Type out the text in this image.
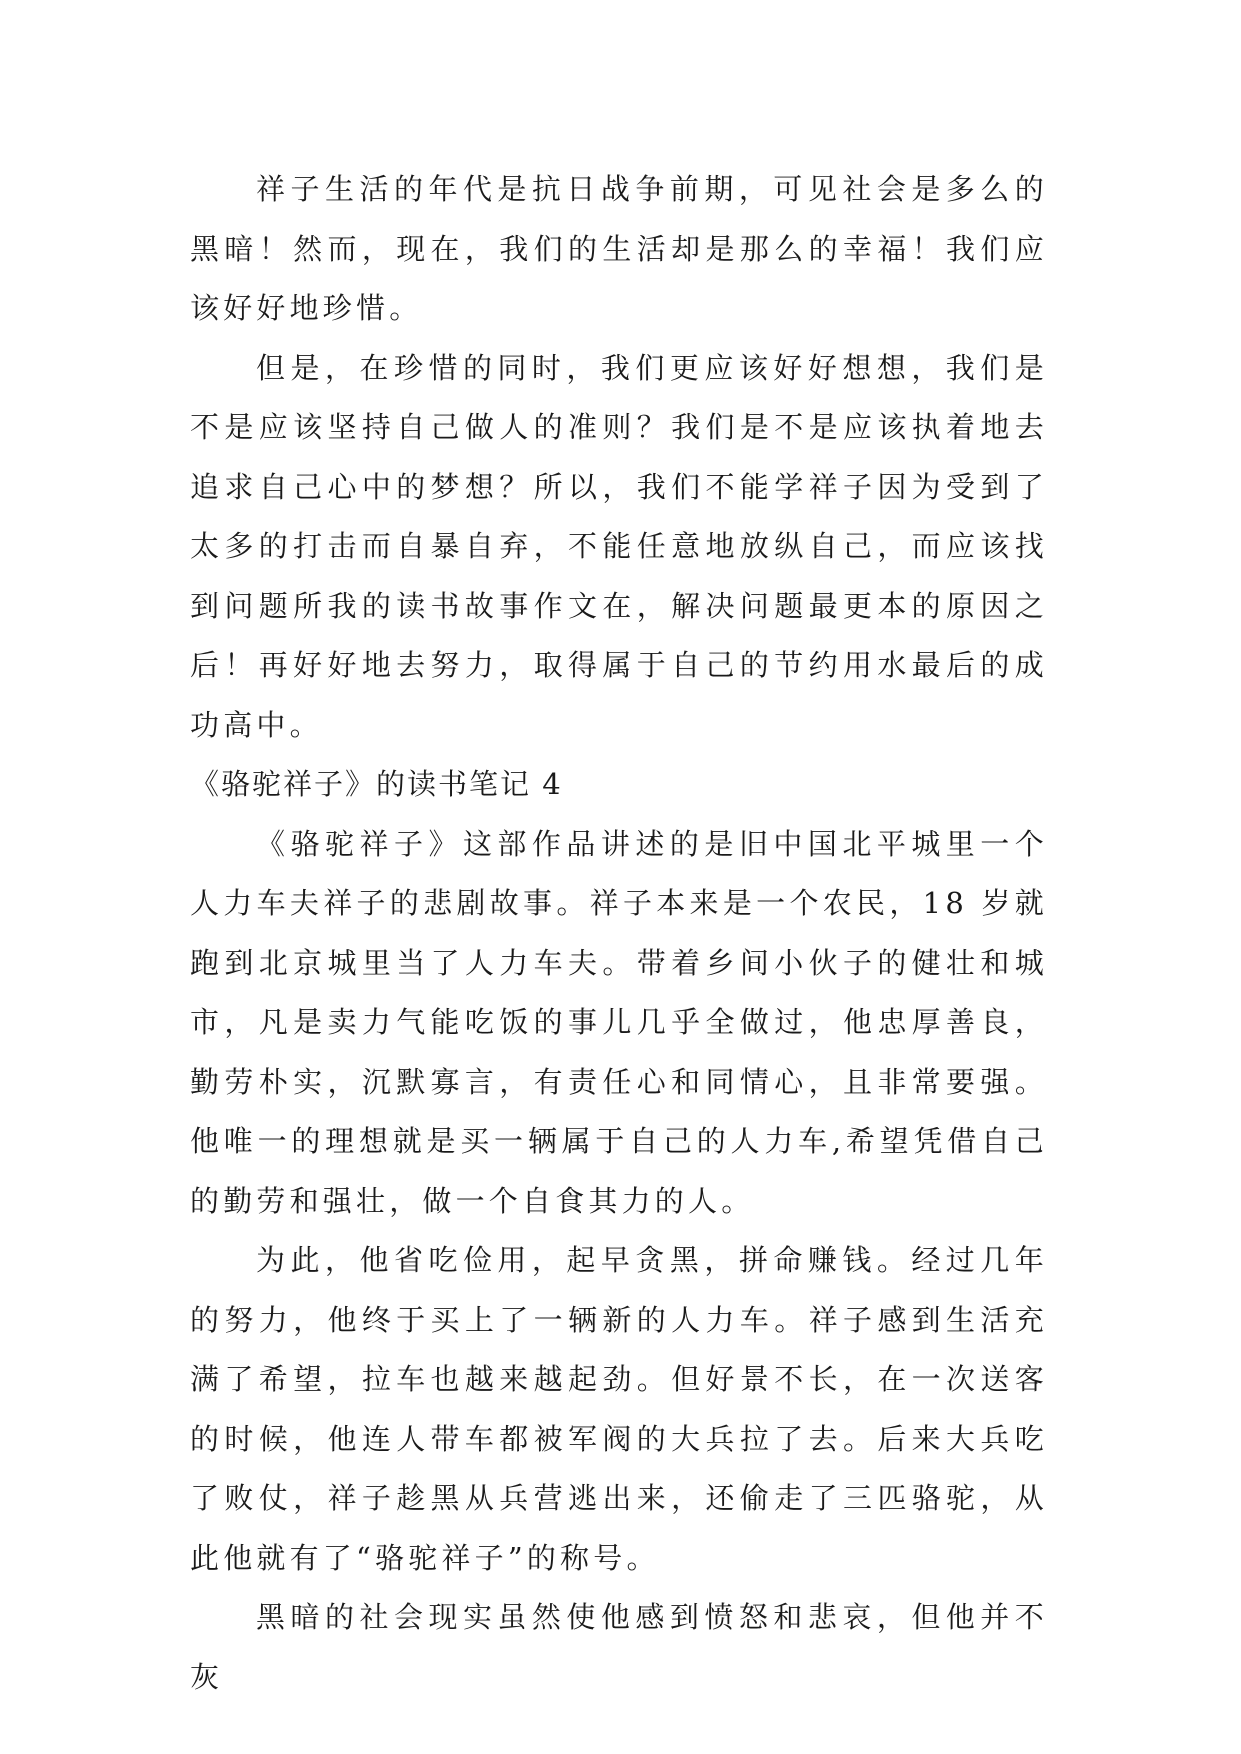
祥子生活的年代是抗日战争前期，可见社会是多么的黑暗！然而，现在，我们的生活却是那么的幸福！我们应该好好地珍惜。

但是，在珍惜的同时，我们更应该好好想想，我们是不是应该坚持自己做人的准则？我们是不是应该执着地去追求自己心中的梦想？所以，我们不能学祥子因为受到了太多的打击而自暴自弃，不能任意地放纵自己，而应该找到问题所我的读书故事作文在，解决问题最更本的原因之后！再好好地去努力，取得属于自己的节约用水最后的成功高中。

《骆驼祥子》的读书笔记 4

《骆驼祥子》这部作品讲述的是旧中国北平城里一个人力车夫祥子的悲剧故事。祥子本来是一个农民，18 岁就跑到北京城里当了人力车夫。带着乡间小伙子的健壮和城市，凡是卖力气能吃饭的事儿几乎全做过，他忠厚善良，勤劳朴实，沉默寡言，有责任心和同情心，且非常要强。他唯一的理想就是买一辆属于自己的人力车,希望凭借自己的勤劳和强壮，做一个自食其力的人。

为此，他省吃俭用，起早贪黑，拼命赚钱。经过几年的努力，他终于买上了一辆新的人力车。祥子感到生活充满了希望，拉车也越来越起劲。但好景不长，在一次送客的时候，他连人带车都被军阀的大兵拉了去。后来大兵吃了败仗，祥子趁黑从兵营逃出来，还偷走了三匹骆驼，从此他就有了“骆驼祥子”的称号。

黑暗的社会现实虽然使他感到愤怒和悲哀，但他并不灰
